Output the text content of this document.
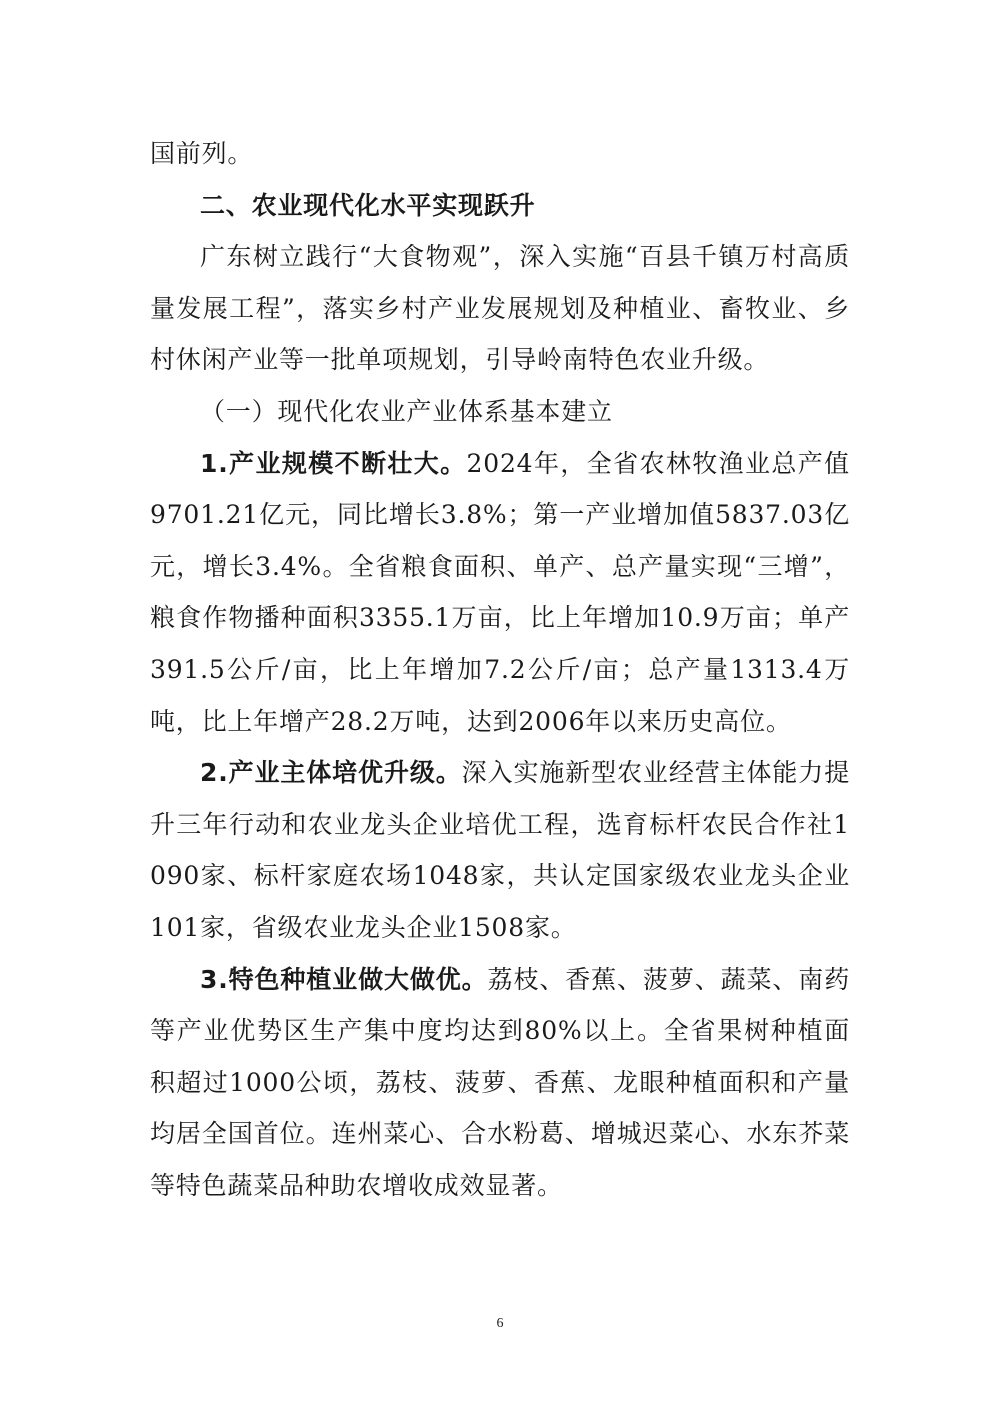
国前列。

二、农业现代化水平实现跃升

广东树立践行“大食物观”，深入实施“百县千镇万村高质量发展工程”，落实乡村产业发展规划及种植业、畜牧业、乡村休闲产业等一批单项规划，引导岭南特色农业升级。

（一）现代化农业产业体系基本建立

1.产业规模不断壮大。2024年，全省农林牧渔业总产值9701.21亿元，同比增长3.8%；第一产业增加值5837.03亿元，增长3.4%。全省粮食面积、单产、总产量实现“三增”，粮食作物播种面积3355.1万亩，比上年增加10.9万亩；单产391.5公斤/亩，比上年增加7.2公斤/亩；总产量1313.4万吨，比上年增产28.2万吨，达到2006年以来历史高位。

2.产业主体培优升级。深入实施新型农业经营主体能力提升三年行动和农业龙头企业培优工程，选育标杆农民合作社1090家、标杆家庭农场1048家，共认定国家级农业龙头企业101家，省级农业龙头企业1508家。

3.特色种植业做大做优。荔枝、香蕉、菠萝、蔬菜、南药等产业优势区生产集中度均达到80%以上。全省果树种植面积超过1000公顷，荔枝、菠萝、香蕉、龙眼种植面积和产量均居全国首位。连州菜心、合水粉葛、增城迟菜心、水东芥菜等特色蔬菜品种助农增收成效显著。

6
